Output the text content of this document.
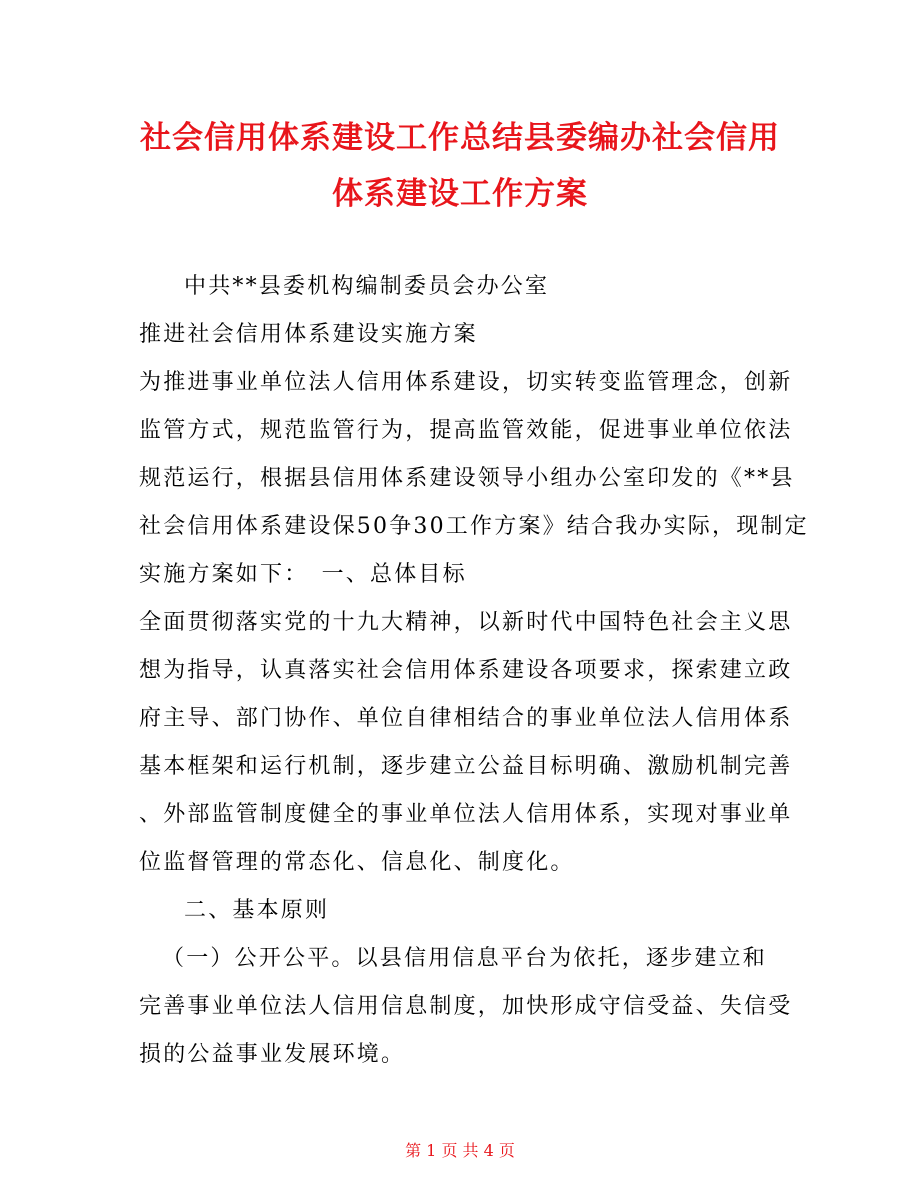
社会信用体系建设工作总结县委编办社会信用
体系建设工作方案
中共**县委机构编制委员会办公室
推进社会信用体系建设实施方案
为推进事业单位法人信用体系建设，切实转变监管理念，创新
监管方式，规范监管行为，提高监管效能，促进事业单位依法
规范运行，根据县信用体系建设领导小组办公室印发的《**县
社会信用体系建设保50争30工作方案》结合我办实际，现制定
实施方案如下：　一、总体目标
全面贯彻落实党的十九大精神，以新时代中国特色社会主义思
想为指导，认真落实社会信用体系建设各项要求，探索建立政
府主导、部门协作、单位自律相结合的事业单位法人信用体系
基本框架和运行机制，逐步建立公益目标明确、激励机制完善
、外部监管制度健全的事业单位法人信用体系，实现对事业单
位监督管理的常态化、信息化、制度化。
二、基本原则
（一）公开公平。以县信用信息平台为依托，逐步建立和
完善事业单位法人信用信息制度，加快形成守信受益、失信受
损的公益事业发展环境。
第 1 页 共 4 页
